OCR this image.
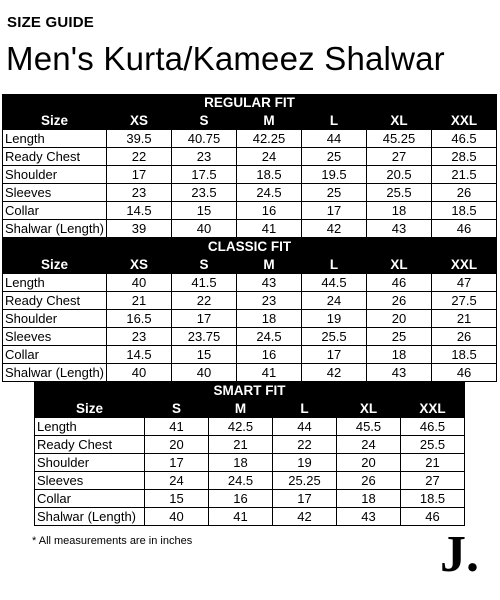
SIZE GUIDE
Men's Kurta/Kameez Shalwar
REGULAR FIT						
Size	XS	S	M	L	XL	XXL
Length	39.5	40.75	42.25	44	45.25	46.5
Ready Chest	22	23	24	25	27	28.5
Shoulder	17	17.5	18.5	19.5	20.5	21.5
Sleeves	23	23.5	24.5	25	25.5	26
Collar	14.5	15	16	17	18	18.5
Shalwar (Length)	39	40	41	42	43	46
CLASSIC FIT						
Size	XS	S	M	L	XL	XXL
Length	40	41.5	43	44.5	46	47
Ready Chest	21	22	23	24	26	27.5
Shoulder	16.5	17	18	19	20	21
Sleeves	23	23.75	24.5	25.5	25	26
Collar	14.5	15	16	17	18	18.5
Shalwar (Length)	40	40	41	42	43	46
SMART FIT					
Size	S	M	L	XL	XXL
Length	41	42.5	44	45.5	46.5
Ready Chest	20	21	22	24	25.5
Shoulder	17	18	19	20	21
Sleeves	24	24.5	25.25	26	27
Collar	15	16	17	18	18.5
Shalwar (Length)	40	41	42	43	46
* All measurements are in inches	J.
